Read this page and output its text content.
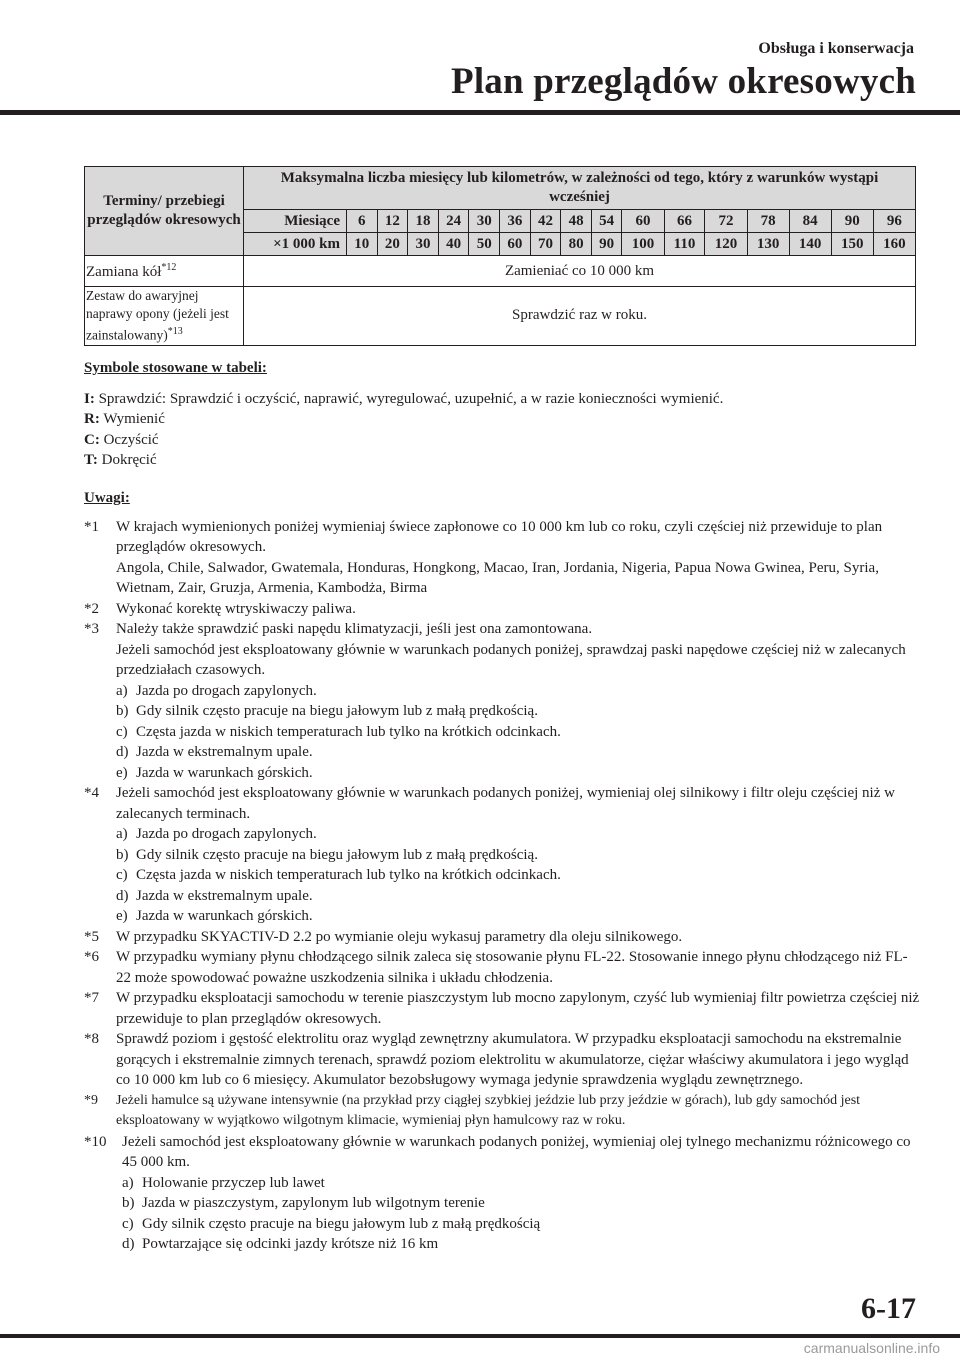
Obsługa i konserwacja
Plan przeglądów okresowych
Terminy/ przebiegi przeglądów okresowych	Maksymalna liczba miesięcy lub kilometrów, w zależności od tego, który z warunków wystąpi wcześniej																
	Miesiące	6	12	18	24	30	36	42	48	54	60	66	72	78	84	90	96
	×1 000 km	10	20	30	40	50	60	70	80	90	100	110	120	130	140	150	160
Zamiana kół$^{*12}$	Zamieniać co 10 000 km																
Zestaw do awaryjnej naprawy opony (jeżeli jest zainstalowany)$^{*13}$	Sprawdzić raz w roku.																
Symbole stosowane w tabeli:
I: Sprawdzić: Sprawdzić i oczyścić, naprawić, wyregulować, uzupełnić, a w razie konieczności wymienić.
R: Wymienić
C: Oczyścić
T: Dokręcić
Uwagi:
*1	W krajach wymienionych poniżej wymieniaj świece zapłonowe co 10 000 km lub co roku, czyli częściej niż przewiduje to plan przeglądów okresowych.
Angola, Chile, Salwador, Gwatemala, Honduras, Hongkong, Macao, Iran, Jordania, Nigeria, Papua Nowa Gwinea, Peru, Syria, Wietnam, Zair, Gruzja, Armenia, Kambodża, Birma
*2	Wykonać korektę wtryskiwaczy paliwa.
*3	Należy także sprawdzić paski napędu klimatyzacji, jeśli jest ona zamontowana.
Jeżeli samochód jest eksploatowany głównie w warunkach podanych poniżej, sprawdzaj paski napędowe częściej niż w zalecanych przedziałach czasowych.
a) Jazda po drogach zapylonych.
b) Gdy silnik często pracuje na biegu jałowym lub z małą prędkością.
c) Częsta jazda w niskich temperaturach lub tylko na krótkich odcinkach.
d) Jazda w ekstremalnym upale.
e) Jazda w warunkach górskich.
*4	Jeżeli samochód jest eksploatowany głównie w warunkach podanych poniżej, wymieniaj olej silnikowy i filtr oleju częściej niż w zalecanych terminach.
a) Jazda po drogach zapylonych.
b) Gdy silnik często pracuje na biegu jałowym lub z małą prędkością.
c) Częsta jazda w niskich temperaturach lub tylko na krótkich odcinkach.
d) Jazda w ekstremalnym upale.
e) Jazda w warunkach górskich.
*5	W przypadku SKYACTIV-D 2.2 po wymianie oleju wykasuj parametry dla oleju silnikowego.
*6	W przypadku wymiany płynu chłodzącego silnik zaleca się stosowanie płynu FL-22. Stosowanie innego płynu chłodzącego niż FL-22 może spowodować poważne uszkodzenia silnika i układu chłodzenia.
*7	W przypadku eksploatacji samochodu w terenie piaszczystym lub mocno zapylonym, czyść lub wymieniaj filtr powietrza częściej niż przewiduje to plan przeglądów okresowych.
*8	Sprawdź poziom i gęstość elektrolitu oraz wygląd zewnętrzny akumulatora. W przypadku eksploatacji samochodu na ekstremalnie gorących i ekstremalnie zimnych terenach, sprawdź poziom elektrolitu w akumulatorze, ciężar właściwy akumulatora i jego wygląd co 10 000 km lub co 6 miesięcy. Akumulator bezobsługowy wymaga jedynie sprawdzenia wyglądu zewnętrznego.
*9	Jeżeli hamulce są używane intensywnie (na przykład przy ciągłej szybkiej jeździe lub przy jeździe w górach), lub gdy samochód jest eksploatowany w wyjątkowo wilgotnym klimacie, wymieniaj płyn hamulcowy raz w roku.
*10	Jeżeli samochód jest eksploatowany głównie w warunkach podanych poniżej, wymieniaj olej tylnego mechanizmu różnicowego co 45 000 km.
a) Holowanie przyczep lub lawet
b) Jazda w piaszczystym, zapylonym lub wilgotnym terenie
c) Gdy silnik często pracuje na biegu jałowym lub z małą prędkością
d) Powtarzające się odcinki jazdy krótsze niż 16 km
6-17
carmanualsonline.info
